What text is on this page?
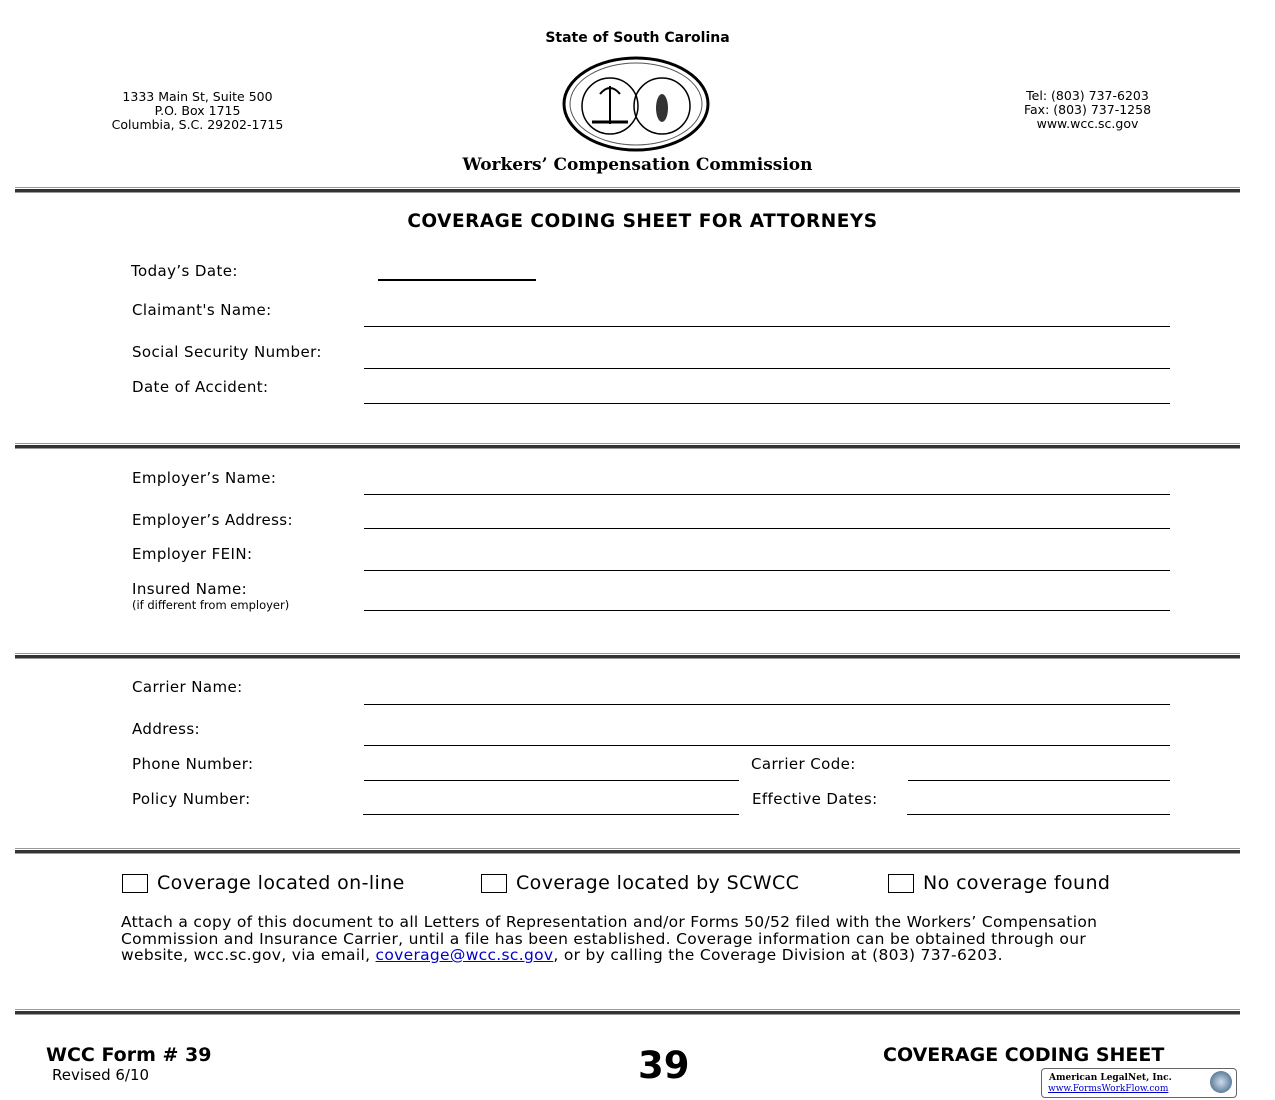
State of South Carolina
1333 Main St, Suite 500
P.O. Box 1715
Columbia, S.C. 29202-1715
Tel: (803) 737-6203
Fax: (803) 737-1258
www.wcc.sc.gov
Workers’ Compensation Commission
COVERAGE CODING SHEET FOR ATTORNEYS
Today’s Date:
Claimant's Name:
Social Security Number:
Date of Accident:
Employer’s Name:
Employer’s Address:
Employer FEIN:
Insured Name:
(if different from employer)
Carrier Name:
Address:
Phone Number:	Carrier Code:
Policy Number:	Effective Dates:
Coverage located on-line	Coverage located by SCWCC	No coverage found
Attach a copy of this document to all Letters of Representation and/or Forms 50/52 filed with the Workers’ Compensation Commission and Insurance Carrier, until a file has been established. Coverage information can be obtained through our website, wcc.sc.gov, via email, coverage@wcc.sc.gov, or by calling the Coverage Division at (803) 737-6203.
WCC Form # 39
Revised 6/10	39	COVERAGE CODING SHEET
American LegalNet, Inc.
www.FormsWorkFlow.com
